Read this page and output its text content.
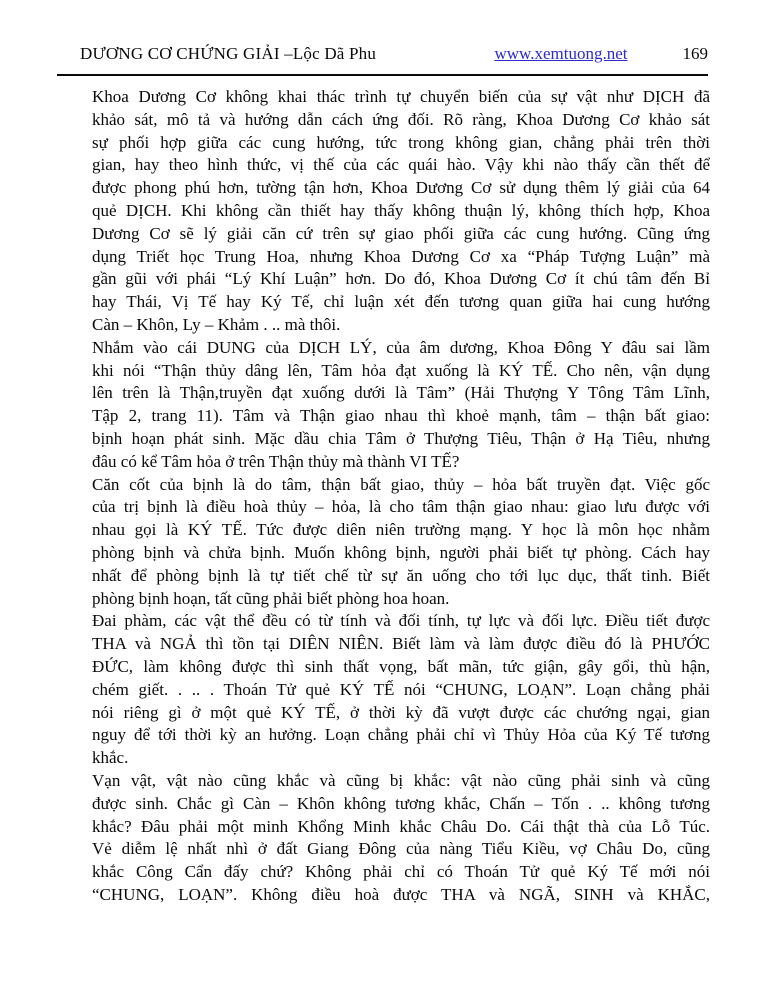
DƯƠNG CƠ CHỨNG GIẢI –Lộc Dã Phu	www.xemtuong.net	169
Khoa Dương Cơ không khai thác trình tự chuyển biến của sự vật như DỊCH đã
khảo sát, mô tả và hướng dẫn cách ứng đối. Rõ ràng, Khoa Dương Cơ khảo sát
sự phối hợp giữa các cung hướng, tức trong không gian, chẳng phải trên thời
gian, hay theo hình thức, vị thế của các quái hào. Vậy khi nào thấy cần thết để
được phong phú hơn, tường tận hơn, Khoa Dương Cơ sử dụng thêm lý giải của 64
quẻ DỊCH. Khi không cần thiết hay thấy không thuận lý, không thích hợp, Khoa
Dương Cơ sẽ lý giải căn cứ trên sự giao phối giữa các cung hướng. Cũng ứng
dụng Triết học Trung Hoa, nhưng Khoa Dương Cơ xa “Pháp Tượng Luận” mà
gần gũi với phái “Lý Khí Luận” hơn. Do đó, Khoa Dương Cơ ít chú tâm đến Bỉ
hay Thái, Vị Tế hay Ký Tế, chỉ luận xét đến tương quan giữa hai cung hướng
Càn – Khôn, Ly – Khảm . .. mà thôi.
Nhắm vào cái DUNG của DỊCH LÝ, của âm dương, Khoa Đông Y đâu sai lầm
khi nói “Thận thủy dâng lên, Tâm hỏa đạt xuống là KÝ TẾ. Cho nên, vận dụng
lên trên là Thận,truyền đạt xuống dưới là Tâm” (Hải Thượng Y Tông Tâm Lĩnh,
Tập 2, trang 11). Tâm và Thận giao nhau thì khoẻ mạnh, tâm – thận bất giao:
bịnh hoạn phát sinh. Mặc dầu chia Tâm ở Thượng Tiêu, Thận ở Hạ Tiêu, nhưng
đâu có kể Tâm hỏa ở trên Thận thủy mà thành VI TẾ?
Căn cốt của bịnh là do tâm, thận bất giao, thủy – hỏa bất truyền đạt. Việc gốc
của trị bịnh là điều hoà thủy – hỏa, là cho tâm thận giao nhau: giao lưu được với
nhau gọi là KÝ TẾ. Tức được diên niên trường mạng. Y học là môn học nhằm
phòng bịnh và chửa bịnh. Muốn không bịnh, người phải biết tự phòng. Cách hay
nhất để phòng bịnh là tự tiết chế từ sự ăn uống cho tới lục dục, thất tinh. Biết
phòng bịnh hoạn, tất cũng phải biết phòng hoa hoan.
Đai phàm, các vật thể đều có từ tính và đối tính, tự lực và đối lực. Điều tiết được
THA và NGẢ thì tồn tại DIÊN NIÊN. Biết làm và làm được điều đó là PHƯỚC
ĐỨC, làm không được thì sinh thất vọng, bất mãn, tức giận, gây gổi, thù hận,
chém giết. . .. . Thoán Tử quẻ KÝ TẾ nói “CHUNG, LOẠN”. Loạn chẳng phải
nói riêng gì ở một quẻ KÝ TẾ, ở thời kỳ đã vượt được các chướng ngại, gian
nguy để tới thời kỳ an hưởng. Loạn chẳng phải chỉ vì Thủy Hỏa của Ký Tế tương
khắc.
Vạn vật, vật nào cũng khắc và cũng bị khắc: vật nào cũng phải sinh và cũng
được sinh. Chắc gì Càn – Khôn không tương khắc, Chấn – Tốn . .. không tương
khắc? Đâu phải một minh Khổng Minh khắc Châu Do. Cái thật thà của Lỗ Túc.
Vẻ diễm lệ nhất nhì ở đất Giang Đông của nàng Tiểu Kiều, vợ Châu Do, cũng
khắc Công Cẩn đấy chứ? Không phải chỉ có Thoán Tử quẻ Ký Tế mới nói
“CHUNG, LOẠN”. Không điều hoà được THA và NGÃ, SINH và KHẮC,
